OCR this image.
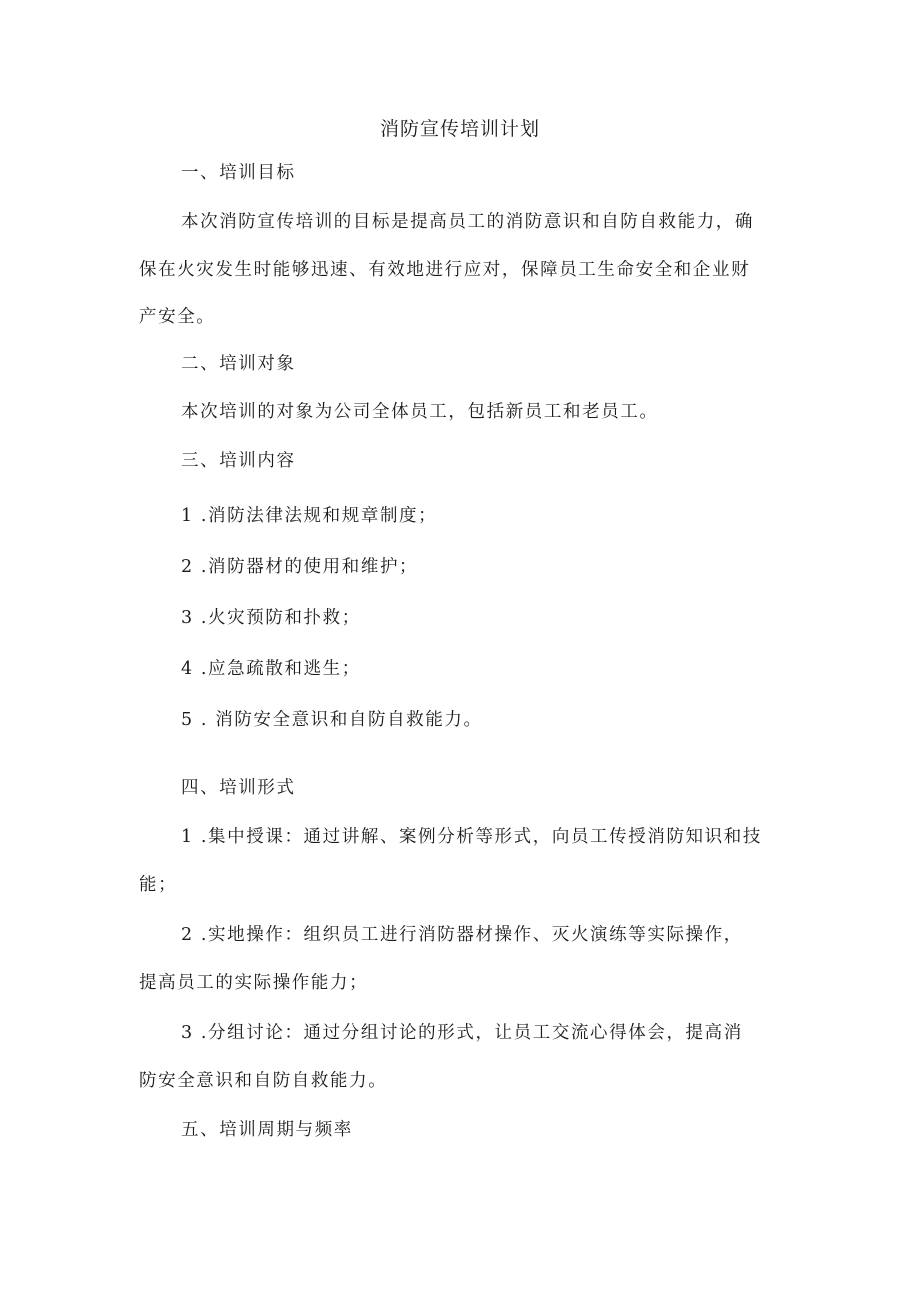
消防宣传培训计划
一、培训目标
本次消防宣传培训的目标是提高员工的消防意识和自防自救能力，确
保在火灾发生时能够迅速、有效地进行应对，保障员工生命安全和企业财
产安全。
二、培训对象
本次培训的对象为公司全体员工，包括新员工和老员工。
三、培训内容
1 .消防法律法规和规章制度；
2 .消防器材的使用和维护；
3 .火灾预防和扑救；
4 .应急疏散和逃生；
5 . 消防安全意识和自防自救能力。
四、培训形式
1 .集中授课：通过讲解、案例分析等形式，向员工传授消防知识和技
能；
2 .实地操作：组织员工进行消防器材操作、灭火演练等实际操作，
提高员工的实际操作能力；
3 .分组讨论：通过分组讨论的形式，让员工交流心得体会，提高消
防安全意识和自防自救能力。
五、培训周期与频率
